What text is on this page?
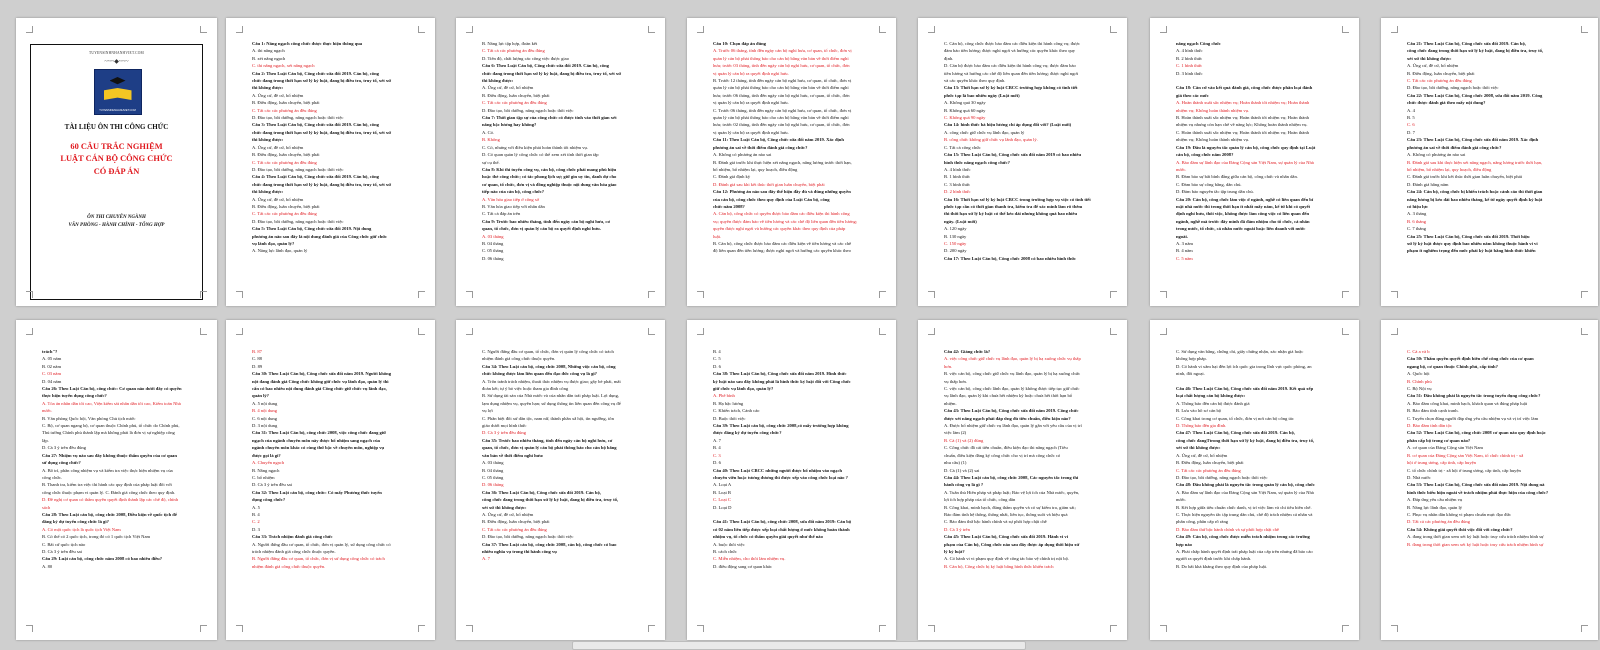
TUYENSINHNHANHVIET.COM
~~~◆~~~
TUYENSINHNHANHVIET.COM
TÀI LIỆU ÔN THI CÔNG CHỨC
60 CÂU TRẮC NGHIỆM
LUẬT CÁN BỘ CÔNG CHỨC
CÓ ĐÁP ÁN
ÔN THI CHUYÊN NGÀNH
VĂN PHÒNG - HÀNH CHÍNH - TỔNG HỢP
Câu 1: Năng ngạch công chức được thực hiện thông qua
A. thi nâng ngạch
B. xét nâng ngạch
C. thi nâng ngạch, xét nâng ngạch
Câu 2: Theo Luật Cán bộ, Công chức sửa đổi 2019. Cán bộ, công
chức đang trong thời hạn xử lý kỷ luật, đang bị điều tra, truy tố, xét xử
thì không được:
A. Ứng cử, đề cử, bổ nhiệm
B. Điều động, luân chuyển, biệt phái
C. Tất các các phương án đều đúng
D. Đào tạo, bồi dưỡng, nâng ngạch hoặc thôi việc
Câu 3: Theo Luật Cán bộ, Công chức sửa đổi 2019. Cán bộ, công
chức đang trong thời hạn xử lý kỷ luật, đang bị điều tra, truy tố, xét xử
thì không được:
A. Ứng cử, đề cử, bổ nhiệm
B. Điều động, luân chuyển, biệt phái
C. Tất các các phương án đều đúng
D. Đào tạo, bồi dưỡng, nâng ngạch hoặc thôi việc
Câu 4: Theo Luật Cán bộ, Công chức sửa đổi 2019. Cán bộ, công
chức đang trong thời hạn xử lý kỷ luật, đang bị điều tra, truy tố, xét xử
thì không được:
A. Ứng cử, đề cử, bổ nhiệm
B. Điều động, luân chuyển, biệt phái
C. Tất các các phương án đều đúng
D. Đào tạo, bồi dưỡng, nâng ngạch hoặc thôi việc
Câu 5: Theo Luật Cán bộ, Công chức sửa đổi 2019. Nội dung
phương án nào sau đây là nội dung đánh giá của Công chức giữ chức
vụ lãnh đạo, quản lý?
A. Năng lực lãnh đạo, quản lý
B. Năng lực tập hợp, đoàn kết
C. Tất cả các phương án đều đúng
D. Tiến độ, chất lượng các công việc được giao
Câu 6: Theo Luật Cán bộ, Công chức sửa đổi 2019. Cán bộ, công
chức đang trong thời hạn xử lý kỷ luật, đang bị điều tra, truy tố, xét xử
thì không được:
A. Ứng cử, đề cử, bổ nhiệm
B. Điều động, luân chuyển, biệt phái
C. Tất các các phương án đều đúng
D. Đào tạo, bồi dưỡng, nâng ngạch hoặc thôi việc
Câu 7: Thời gian tập sự của công chức có được tính vào thời gian xét
nâng bậc lương hay không?
A. Có.
B. Không
C. Có, nhưng với điều kiện phải hoàn thành tốt nhiệm vụ.
D. Có quan quản lý công chức có thể xem xét tính thời gian tập
sự cụ thể.
Câu 8: Khi thi tuyển công vụ, cán bộ, công chức phải mang phù hiệu
hoặc thẻ công chức; có tác phong lịch sự; giữ gìn uy tín, danh dự cho
cơ quan, tổ chức, đơn vị và đồng nghiệp thuộc nội dung văn hóa giao
tiếp nào của cán bộ, công chức?
A. Văn hóa giao tiếp ở công sở
B. Văn hóa giao tiếp với nhân dân
C. Tất cả đáp án trên
Câu 9: Trước bao nhiêu tháng, tính đến ngày cán bộ nghỉ hưu, cơ
quan, tổ chức, đơn vị quản lý cán bộ ra quyết định nghỉ hưu.
A. 03 tháng
B. 04 tháng
C. 05 tháng
D. 06 tháng
Câu 10: Chọn đáp án đúng
A. Trước 06 tháng, tính đến ngày cán bộ nghỉ hưu, cơ quan, tổ chức, đơn vị
quản lý cán bộ phải thông báo cho cán bộ bằng văn bản về thời điểm nghỉ
hưu; trước 03 tháng, tính đến ngày cán bộ nghỉ hưu, cơ quan, tổ chức, đơn
vị quản lý cán bộ ra quyết định nghỉ hưu.
B. Trước 12 tháng, tính đến ngày cán bộ nghỉ hưu, cơ quan, tổ chức, đơn vị
quản lý cán bộ phải thông báo cho cán bộ bằng văn bản về thời điểm nghỉ
hưu; trước 06 tháng, tính đến ngày cán bộ nghỉ hưu, cơ quan, tổ chức, đơn
vị quản lý cán bộ ra quyết định nghỉ hưu.
C. Trước 06 tháng, tính đến ngày cán bộ nghỉ hưu, cơ quan, tổ chức, đơn vị
quản lý cán bộ phải thông báo cho cán bộ bằng văn bản về thời điểm nghỉ
hưu; trước 02 tháng, tính đến ngày cán bộ nghỉ hưu, cơ quan, tổ chức, đơn
vị quản lý cán bộ ra quyết định nghỉ hưu.
Câu 11: Theo Luật Cán bộ, Công chức sửa đổi năm 2019. Xác định
phương án sai về thời điểm đánh giá công chức?
A. Không có phương án nào sai
B. Đánh giá trước khi thực hiện xét nâng ngạch, nâng lương trước thời hạn,
bổ nhiệm, bổ nhiệm lại, quy hoạch, điều động
C. Đánh giá định kỳ
D. Đánh giá sau khi kết thúc thời gian luân chuyển, biệt phái
Câu 12: Phương án nào sau đây thể hiện đầy đủ và đúng những quyền
của cán bộ, công chức theo quy định của Luật Cán bộ, công
chức năm 2008?
A. Cán bộ, công chức có quyền được bảo đảm các điều kiện thi hành công
vụ; quyền được đảm bảo về tiền lương và các chế độ liên quan đến tiền lương;
quyền được nghỉ ngơi và hưởng các quyền khác theo quy định của pháp
luật.
B. Cán bộ, công chức được bảo đảm các điều kiện về tiền lương và các chế
độ liên quan đến tiền lương; được nghỉ ngơi và hưởng các quyền khác theo
C. Cán bộ, công chức được bảo đảm các điều kiện thi hành công vụ; được
đảm bảo tiền lương; được nghỉ ngơi và hưởng các quyền khác theo quy
định.
D. Cán bộ được bảo đảm các điều kiện thi hành công vụ; được đảm bảo
tiền lương và hưởng các chế độ liên quan đến tiền lương; được nghỉ ngơi
và các quyền khác theo quy định.
Câu 13: Thời hạn xử lý kỷ luật CBCC trường hợp không có tình tiết
phức tạp là bao nhiêu ngày (Luật mới)
A. Không quá 30 ngày
B. Không quá 60 ngày
C. Không quá 90 ngày
Câu 14: hình thức bà hiệu lương chỉ áp dụng đối với? (Luật mới)
A. công chức giữ chức vụ lãnh đạo, quản lý
B. công chức không giữ chức vụ lãnh đạo, quản lý.
C. Tất cả công chức
Câu 15: Theo Luật Cán bộ, Công chức sửa đổi năm 2019 có bao nhiêu
hình thức nâng ngạch công chức?
A. 4 hình thức
B. 1 hình thức
C. 3 hình thức
D. 2 hình thức
Câu 16: Thời hạn xử lý kỷ luật CBCC trong trường hợp vụ việc có tình tiết
phức tạp cần có thời gian thanh tra, kiểm tra để xác minh làm rõ thêm
thì thời hạn xử lý kỷ luật có thể kéo dài nhưng không quá bao nhiêu
ngày. (Luật mới)
A. 120 ngày
B. 130 ngày
C. 150 ngày
D. 200 ngày
Câu 17: Theo Luật Cán bộ, Công chức 2008 có bao nhiêu hình thức
nâng ngạch Công chức
A. 4 hình thức
B. 2 hình thức
C. 1 hình thức
D. 3 hình thức

Câu 18: Căn cứ vào kết quả đánh giá, công chức được phân loại đánh
giá theo các mức
A. Hoàn thành xuất sắc nhiệm vụ; Hoàn thành tốt nhiệm vụ; Hoàn thành
nhiệm vụ; Không hoàn thành nhiệm vụ.
B. Hoàn thành xuất sắc nhiệm vụ; Hoàn thành tốt nhiệm vụ; Hoàn thành
nhiệm vụ nhưng còn hạn chế về năng lực; Không hoàn thành nhiệm vụ.
C. Hoàn thành xuất sắc nhiệm vụ; Hoàn thành tốt nhiệm vụ; Hoàn thành
nhiệm vụ; Không hoàn thành nhiệm vụ.
Câu 19: Đâu là nguyên tắc quản lý cán bộ, công chức quy định tại Luật
cán bộ, công chức năm 2008?
A. Bảo đảm sự lãnh đạo của Đảng Cộng sản Việt Nam, sự quản lý của Nhà
nước.
B. Đảm bảo sự bất bình đẳng giữa cán bộ, công chức và nhân dân.
C. Đảm bảo sự công bằng, dân chủ.
D. Đảm bảo nguyên tắc tập trung dân chủ.
Câu 20: Cán bộ, công chức làm việc ở ngành, nghề có liên quan đến bí
mật nhà nước thì trong thời hạn ít nhất mấy năm, kể từ khi có quyết
định nghỉ hưu, thôi việc, không được làm công việc có liên quan đến
ngành, nghề mà trước đây mình đã đảm nhiệm cho tổ chức, cá nhân
trong nước, tổ chức, cá nhân nước ngoài hoặc liên doanh với nước
ngoài.
A. 3 năm
B. 4 năm
C. 5 năm
Câu 21: Theo Luật Cán bộ, Công chức sửa đổi 2019. Cán bộ,
công chức đang trong thời hạn xử lý kỷ luật, đang bị điều tra, truy tố,
xét xử thì không được:
A. Ứng cử, đề cử, bổ nhiệm
B. Điều động, luân chuyển, biệt phái
C. Tất các các phương án đều đúng
D. Đào tạo, bồi dưỡng, nâng ngạch hoặc thôi việc
Câu 22: Theo Luật Cán bộ, Công chức 2008, sửa đổi năm 2019. Công
chức được đánh giá theo mấy nội dung?
A. 4
B. 5
C. 6
D. 7
Câu 23: Theo Luật Cán bộ, Công chức sửa đổi năm 2019. Xác định
phương án sai về thời điểm đánh giá công chức?
A. Không có phương án nào sai
B. Đánh giá sau khi thực hiện xét nâng ngạch, nâng lương trước thời hạn,
bổ nhiệm, bổ nhiệm lại, quy hoạch, điều động
C. Đánh giá trước khi kết thúc thời gian luân chuyển, biệt phái
D. Đánh giá hằng năm
Câu 24: Cán bộ, công chức bị khiển trách hoặc cảnh cáo thì thời gian
nâng lương bị kéo dài bao nhiêu tháng, kể từ ngày quyết định kỷ luật
có hiệu lực
A. 3 tháng
B. 6 tháng
C. 7 tháng
Câu 25: Theo Luật Cán bộ, Công chức sửa đổi 2019. Thời hiệu
xử lý kỷ luật được quy định bao nhiêu năm không thuộc hành vi vi
phạm ít nghiêm trọng đến mức phải kỷ luật bằng hình thức khiển
trách"?
A. 05 năm
B. 02 năm
C. 03 năm
D. 04 năm
Câu 26: Theo Luật Cán bộ, công chức: Cơ quan nào dưới đây có quyền
thực hiện tuyển dụng công chức?
A. Tòa án nhân dân tối cao, Viện kiểm sát nhân dân tối cao, Kiểm toán Nhà
nước.
B. Văn phòng Quốc hội, Văn phòng Chủ tịch nước
C. Bộ, cơ quan ngang bộ, cơ quan thuộc Chính phủ, tổ chức do Chính phủ,
Thủ tướng Chính phủ thành lập mà không phải là đơn vị sự nghiệp công
lập.
D. Cả 3 ý trên đều đúng
Câu 27: Nhiệm vụ nào sau đây không thuộc thẩm quyền của cơ quan
sử dụng công chức?
A. Bố trí, phân công nhiệm vụ và kiểm tra việc thực hiện nhiệm vụ của
công chức.
B. Thanh tra, kiểm tra việc thi hành các quy định của pháp luật đối với
công chức thuộc phạm vi quản lý. C. Đánh giá công chức theo quy định.
D. Đề nghị cơ quan có thẩm quyền quyết định thành lập các chế độ, chính
sách
Câu 28: Theo Luật cán bộ, công chức 2008, Điều kiện về quốc tịch để
đăng ký dự tuyển công chức là gì?
A. Có một quốc tịch là quốc tịch Việt Nam
B. Có thể có 2 quốc tịch, trong đó có 1 quốc tịch Việt Nam
C. Bất cứ quốc tịch nào
D. Cả 3 ý trên đều sai
Câu 29: Luật cán bộ, công chức năm 2008 có bao nhiêu điều?
A. 80
B. 87
C. 88
D. 89
Câu 30: Theo Luật Cán bộ, Công chức sửa đổi năm 2019. Người không
nột đang đánh giá Công chức không giữ chức vụ lãnh đạo, quản lý thì
cấn có bao nhiêu nội dung đánh giá Công chức giữ chức vụ lãnh đạo,
quản lý?
A. 5 nội dung
B. 4 nội dung
C. 6 nội dung
D. 3 nội dung
Câu 31: Theo Luật Cán bộ, công chức 2008, việc công chức đang giữ
ngạch của ngành chuyên môn này được bổ nhiệm sang ngạch của
ngành chuyên môn khác có cùng thứ bậc về chuyên môn, nghiệp vụ
được gọi là gì?
A. Chuyển ngạch
B. Nâng ngạch
C. bổ nhiệm
D. Cả 3 ý trên đều sai
Câu 32: Theo Luật cán bộ, công chức: Có mấy Phương thức tuyển
dụng công chức?
A. 5
B. 4
C. 2
D. 3
Câu 33: Trách nhiệm đánh giá công chức
A. Người đứng đầu cơ quan, tổ chức, đơn vị quản lý, sử dụng công chức có
trách nhiệm đánh giá công chức thuộc quyền.
B. Người đứng đầu cơ quan, tổ chức, đơn vị sử dụng công chức có trách
nhiệm đánh giá công chức thuộc quyền.
C. Người đứng đầu cơ quan, tổ chức, đơn vị quản lý công chức có trách
nhiệm đánh giá công chức thuộc quyền.
Câu 34: Theo Luật cán bộ, công chức 2008, Những việc cán bộ, công
chức không được làm liên quan đến đạo đức công vụ là gì?
A. Trốn tránh trách nhiệm, thoái thác nhiệm vụ được giao; gây bè phái, mất
đoàn kết; tự ý bỏ việc hoặc tham gia đình công
B. Sử dụng tài sản của Nhà nước và của nhân dân trái pháp luật. Lợi dụng,
lạm dụng nhiệm vụ, quyền hạn; sử dụng thông tin liên quan đến công vụ để
vụ lợi
C. Phân biệt đối xử dân tộc, nam nữ, thành phần xã hội, tín ngưỡng, tôn
giáo dưới mọi hình thức
D. Cả 3 ý trên đều đúng
Câu 35: Trước bao nhiêu tháng, tính đến ngày cán bộ nghỉ hưu, cơ
quan, tổ chức, đơn vị quản lý cán bộ phải thông báo cho cán bộ bằng
văn bản về thời điểm nghỉ hưu:
A. 03 tháng
B. 04 tháng
C. 05 tháng
D. 06 tháng
Câu 36: Theo Luật Cán bộ, Công chức sửa đổi 2019. Cán bộ,
công chức đang trong thời hạn xử lý kỷ luật, đang bị điều tra, truy tố,
xét xử thì không được:
A. Ứng cử, đề cử, bổ nhiệm
B. Điều động, luân chuyển, biệt phái
C. Tất các các phương án đều đúng
D. Đào tạo, bồi dưỡng, nâng ngạch hoặc thôi việc
Câu 37: Theo Luật cán bộ, công chức 2008, cán bộ, công chức có bao
nhiêu nghĩa vụ trong thi hành công vụ
A. 7
B. 4
C. 5
D. 6
Câu 38: Theo Luật Cán bộ, Công chức sửa đổi năm 2019. Hình thức
kỷ luật nào sau đây không phải là hình thức kỷ luật đối với Công chức
giữ chức vụ lãnh đạo, quản lý?
A. Phê bình
B. Hạ bậc lương
C. Khiển trách, Cảnh cáo
D. Buộc thôi việc
Câu 39: Theo Luật cán bộ, công chức 2008,có mấy trường hợp không
được đăng ký dự tuyển công chức?
A. 7
B. 4
C. 3
D. 6
Câu 40: Theo Luật CBCC những người được bổ nhiệm vào ngạch
chuyên viên hoặc tương đương thì được xếp vào công chức loại nào ?
A. Loại A
B. Loại B
C. Loại C
D. Loại D

Câu 41: Theo Luật Cán bộ, công chức 2008, sửa đổi năm 2019: Cán bộ
có 02 năm liên tiếp được xếp loại chất lượng ở mức không hoàn thành
nhiệm vụ, tổ chức có thẩm quyền giải quyết như thế nào
A. buộc thôi việc
B. cách chức
C. Miễn nhiệm, cho thôi làm nhiệm vụ.
D. điều động sang cơ quan khác
Câu 42: Giảng chức là?
A. việc công chức giữ chức vụ lãnh đạo, quản lý bị hạ xuống chức vụ thấp
hơn.
B. việc cán bộ, công chức giữ chức vụ lãnh đạo, quản lý bị hạ xuống chức
vụ thấp hơn.
C. việc cán bộ, công chức lãnh đạo, quản lý không được tiếp tục giữ chức
vụ lãnh đạo, quản lý khi chưa hết nhiệm kỳ hoặc chưa hết thời hạn bổ
nhiệm.
Câu 43: Theo Luật Cán bộ, Công chức sửa đổi năm 2019. Công chức
được xét nâng ngạch phải đáp ứng đủ tiêu chuẩn, điều kiện nào?
A. Được bổ nhiệm giữ chức vụ lãnh đạo, quản lý gắn với yêu cầu của vị trí
việc làm (2)
B. Cả (1) và (2) đúng
C. Công chức đã cải tiến chuẩn, điều kiện đạo thi nâng ngạch (Tiêu
chuẩn, điều kiện đăng ký công chức cho vị trí mà công chức có
nhu cầu) (1)
D. Cả (1) và (2) sai
Câu 44: Theo Luật cán bộ, công chức 2008, Các nguyên tắc trong thi
hành công vụ là gì ?
A. Tuân thủ Hiến pháp và pháp luật; Bảo vệ lợi ích của Nhà nước, quyền,
lợi ích hợp pháp của tổ chức, công dân
B. Công khai, minh bạch, đúng thẩm quyền và có sự kiểm tra, giám sát;
Bảo đảm tính hệ thống, thống nhất, liên tục, thông suốt và hiệu quả
C. Bảo đảm thứ bậc hành chính và sự phối hợp chặt chẽ
D. Cả 3 ý trên
Câu 45: Theo Luật Cán bộ, Công chức sửa đổi 2019. Hành vi vi
phạm của Cán bộ, Công chức nào sau đây được áp dụng thời hiệu xử
lý kỷ luật?
A. Có hành vi vi phạm quy định về công tác bảo vệ chính trị nội bộ.
B. Cán bộ, Công chức bị kỷ luật bằng hình thức khiển trách
C. Sử dụng văn bằng, chứng chỉ, giấy chứng nhận, xác nhận giả hoặc
không hợp pháp.
D. Có hành vi xâm hại đến lợi ích quốc gia trong lĩnh vực quốc phòng, an
ninh, đối ngoại.

Câu 46: Theo Luật Cán bộ, Công chức sửa đổi năm 2019. Kết quả xếp
loại chất lượng cán bộ không được:
A. Thông báo đến cán bộ được đánh giá
B. Lưu vào hồ sơ cán bộ
C. Công khai trong cơ quan, tổ chức, đơn vị nơi cán bộ công tác
D. Thông báo đến gia đình.
Câu 47: Theo Luật Cán bộ, Công chức sửa đổi 2019. Cán bộ,
công chức đangTtrong thời hạn xử lý kỷ luật, đang bị điều tra, truy tố,
xét xử thì không được:
A. Ứng cử, đề cử, bổ nhiệm
B. Điều động, luân chuyển, biệt phái
C. Tất các các phương án đều đúng
D. Đào tạo, bồi dưỡng, nâng ngạch hoặc thôi việc
Câu 48: Đâu không phải là nguyên tắc trong quản lý cán bộ, công chức
A. Bảo đảm sự lãnh đạo của Đảng Cộng sản Việt Nam, sự quản lý của Nhà
nước.
B. Kết hợp giữa tiêu chuẩn chức danh, vị trí việc làm và chỉ tiêu biên chế.
C. Thực hiện nguyên tắc tập trung dân chủ, chế độ trách nhiệm cá nhân và
phân công, phân cấp rõ ràng
D. Bảo đảm thứ bậc hành chính và sự phối hợp chặt chẽ
Câu 49: Cán bộ, công chức được miễn trách nhiệm trong các trường
hợp nào
A. Phải chấp hành quyết định trái pháp luật của cấp trên nhưng đã báo cáo
người ra quyết định trước khi chấp hành.
B. Do bất khả kháng theo quy định của pháp luật.
C. Cả a và b
Câu 50: Thẩm quyền quyết định biên chế công chức của cơ quan
ngang bộ, cơ quan thuộc Chính phủ, cấp tỉnh?
A. Quốc hội
B. Chính phủ
C. Bộ Nội vụ
Câu 51: Đâu không phải là nguyên tắc trong tuyển dụng công chức?
A. Bảo đảm công khai, minh bạch, khách quan và đúng pháp luật
B. Bảo đảm tính cạnh tranh.
C. Tuyển chọn đúng người đáp ứng yêu cầu nhiệm vụ và vị trí việc làm
D. Bảo đảm tính dân tộc
Câu 52: Theo Luật Cán bộ, công chức 2008 cơ quan nào quy định hoặc
phân cấp bộ trong cơ quan nào?
A. cơ quan của Đảng Cộng sản Việt Nam
B. cơ quan của Đảng Cộng sản Việt Nam, tổ chức chính trị - xã
hội ở trung ương, cấp tỉnh, cấp huyện
C. tổ chức chính trị - xã hội ở trung ương, cấp tỉnh, cấp huyện
D. Nhà nước
Câu 53: Theo Luật Cán bộ, Công chức sửa đổi năm 2019. Nội dung nà
hình thức biểu hiện ngoài về trách nhiệm phải thực hiện của công chức?
A. Đáp ứng yêu cầu nhiệm vụ
B. Năng lực lãnh đạo, quản lý
C. Phục vụ nhân dân không vi phạm chuẩn mực đạo đức
D. Tất cả các phương án đều đúng
Câu 54: Không giải quyết thôi việc đối với công chức?
A. đang trong thời gian xem xét kỷ luật hoặc truy cứu trách nhiệm hình sự
B. đang trong thời gian xem xét kỷ luật hoặc truy cứu trách nhiệm hình sự
